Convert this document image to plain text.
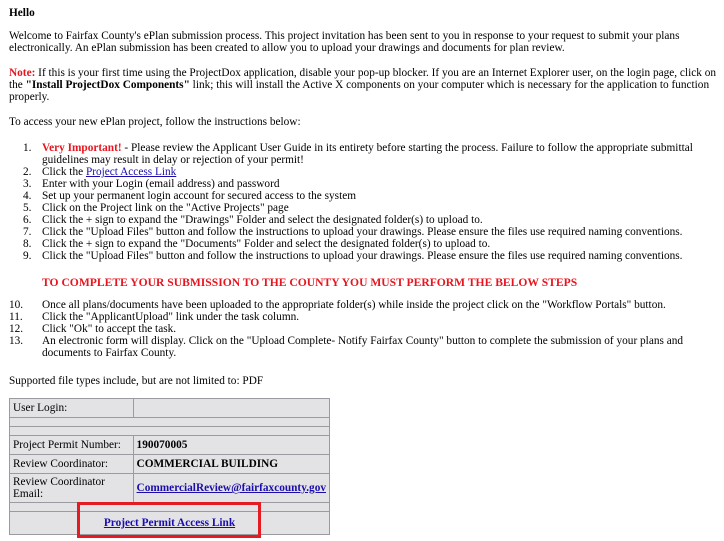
Hello

Welcome to Fairfax County's ePlan submission process. This project invitation has been sent to you in response to your request to submit your plans electronically. An ePlan submission has been created to allow you to upload your drawings and documents for plan review.

Note: If this is your first time using the ProjectDox application, disable your pop-up blocker. If you are an Internet Explorer user, on the login page, click on the "Install ProjectDox Components" link; this will install the Active X components on your computer which is necessary for the application to function properly.

To access your new ePlan project, follow the instructions below:

1. Very Important! - Please review the Applicant User Guide in its entirety before starting the process. Failure to follow the appropriate submittal guidelines may result in delay or rejection of your permit!
2. Click the Project Access Link
3. Enter with your Login (email address) and password
4. Set up your permanent login account for secured access to the system
5. Click on the Project link on the "Active Projects" page
6. Click the + sign to expand the "Drawings" Folder and select the designated folder(s) to upload to.
7. Click the "Upload Files" button and follow the instructions to upload your drawings. Please ensure the files use required naming conventions.
8. Click the + sign to expand the "Documents" Folder and select the designated folder(s) to upload to.
9. Click the "Upload Files" button and follow the instructions to upload your drawings. Please ensure the files use required naming conventions.
TO COMPLETE YOUR SUBMISSION TO THE COUNTY YOU MUST PERFORM THE BELOW STEPS
10.	Once all plans/documents have been uploaded to the appropriate folder(s) while inside the project click on the "Workflow Portals" button.
11.	Click the "ApplicantUpload" link under the task column.
12.	Click "Ok" to accept the task.
13.	An electronic form will display. Click on the "Upload Complete- Notify Fairfax County" button to complete the submission of your plans and documents to Fairfax County.

Supported file types include, but are not limited to: PDF

User Login:	

Project Permit Number:	190070005
Review Coordinator:	COMMERCIAL BUILDING
Review Coordinator Email:	CommercialReview@fairfaxcounty.gov

Project Permit Access Link	
